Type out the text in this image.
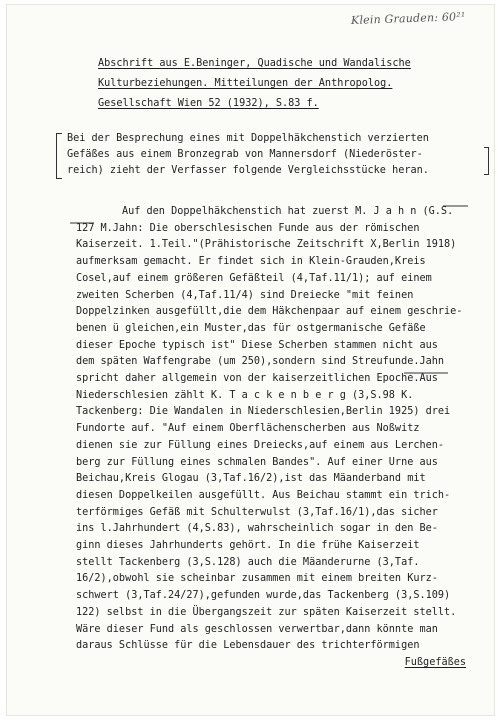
Klein Grauden: 60²¹
Abschrift aus E.Beninger, Quadische und Wandalische
Kulturbeziehungen. Mitteilungen der Anthropolog.
Gesellschaft Wien 52 (1932), S.83 f.
Bei der Besprechung eines mit Doppelhäkchenstich verzierten
Gefäßes aus einem Bronzegrab von Mannersdorf (Niederöster-
reich) zieht der Verfasser folgende Vergleichsstücke heran.
Auf den Doppelhäkchenstich hat zuerst M. J a h n (G.S.
127 M.Jahn: Die oberschlesischen Funde aus der römischen
Kaiserzeit. 1.Teil."(Prähistorische Zeitschrift X,Berlin 1918)
aufmerksam gemacht. Er findet sich in Klein-Grauden,Kreis
Cosel,auf einem größeren Gefäßteil (4,Taf.11/1); auf einem
zweiten Scherben (4,Taf.11/4) sind Dreiecke "mit feinen
Doppelzinken ausgefüllt,die dem Häkchenpaar auf einem geschrie-
benen ü gleichen,ein Muster,das für ostgermanische Gefäße
dieser Epoche typisch ist" Diese Scherben stammen nicht aus
dem späten Waffengrabe (um 250),sondern sind Streufunde.Jahn
spricht daher allgemein von der kaiserzeitlichen Epoche.Aus
Niederschlesien zählt K. T a c k e n b e r g (3,S.98 K.
Tackenberg: Die Wandalen in Niederschlesien,Berlin 1925) drei
Fundorte auf. "Auf einem Oberflächenscherben aus Noßwitz
dienen sie zur Füllung eines Dreiecks,auf einem aus Lerchen-
berg zur Füllung eines schmalen Bandes". Auf einer Urne aus
Beichau,Kreis Glogau (3,Taf.16/2),ist das Mäanderband mit
diesen Doppelkeilen ausgefüllt. Aus Beichau stammt ein trich-
terförmiges Gefäß mit Schulterwulst (3,Taf.16/1),das sicher
ins l.Jahrhundert (4,S.83), wahrscheinlich sogar in den Be-
ginn dieses Jahrhunderts gehört. In die frühe Kaiserzeit
stellt Tackenberg (3,S.128) auch die Mäanderurne (3,Taf.
16/2),obwohl sie scheinbar zusammen mit einem breiten Kurz-
schwert (3,Taf.24/27),gefunden wurde,das Tackenberg (3,S.109)
122) selbst in die Übergangszeit zur späten Kaiserzeit stellt.
Wäre dieser Fund als geschlossen verwertbar,dann könnte man
daraus Schlüsse für die Lebensdauer des trichterförmigen
Fußgefäßes
